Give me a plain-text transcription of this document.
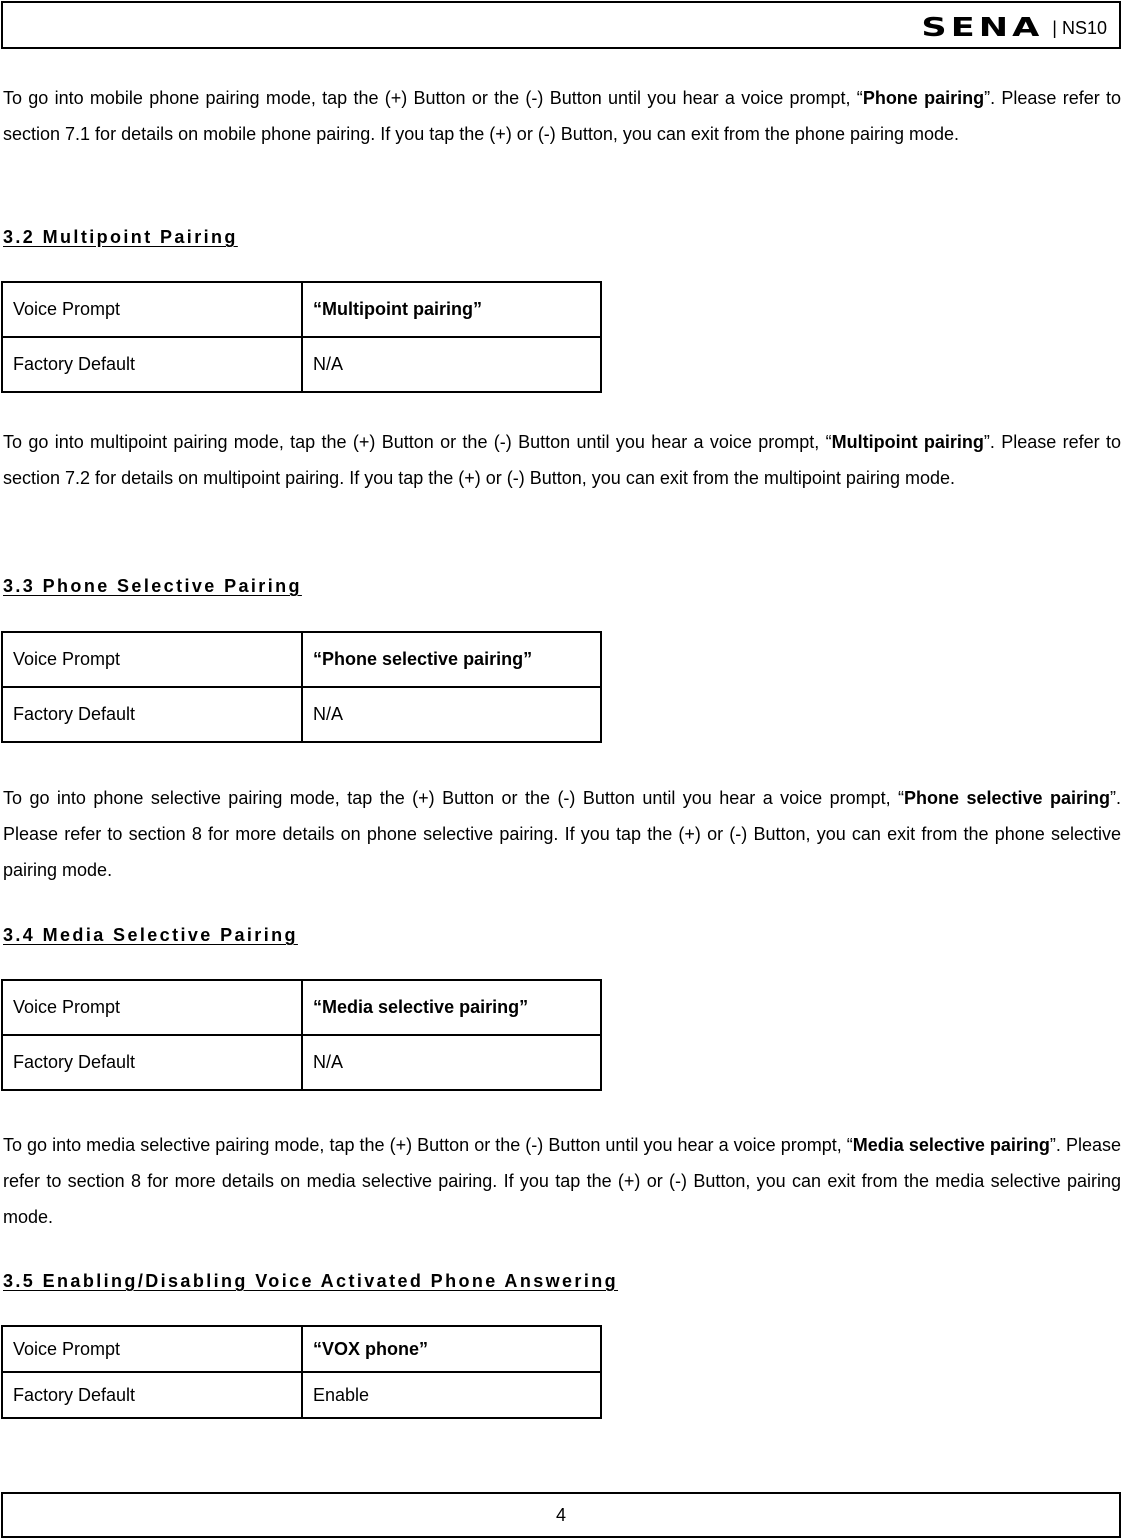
SENA | NS10

To go into mobile phone pairing mode, tap the (+) Button or the (-) Button until you hear a voice prompt, “Phone pairing”. Please refer to section 7.1 for details on mobile phone pairing. If you tap the (+) or (-) Button, you can exit from the phone pairing mode.

3.2 Multipoint Pairing
Voice Prompt	“Multipoint pairing”
Factory Default	N/A

To go into multipoint pairing mode, tap the (+) Button or the (-) Button until you hear a voice prompt, “Multipoint pairing”. Please refer to section 7.2 for details on multipoint pairing. If you tap the (+) or (-) Button, you can exit from the multipoint pairing mode.

3.3 Phone Selective Pairing
Voice Prompt	“Phone selective pairing”
Factory Default	N/A

To go into phone selective pairing mode, tap the (+) Button or the (-) Button until you hear a voice prompt, “Phone selective pairing”. Please refer to section 8 for more details on phone selective pairing. If you tap the (+) or (-) Button, you can exit from the phone selective pairing mode.

3.4 Media Selective Pairing
Voice Prompt	“Media selective pairing”
Factory Default	N/A

To go into media selective pairing mode, tap the (+) Button or the (-) Button until you hear a voice prompt, “Media selective pairing”. Please refer to section 8 for more details on media selective pairing. If you tap the (+) or (-) Button, you can exit from the media selective pairing mode.

3.5 Enabling/Disabling Voice Activated Phone Answering
Voice Prompt	“VOX phone”
Factory Default	Enable
4
